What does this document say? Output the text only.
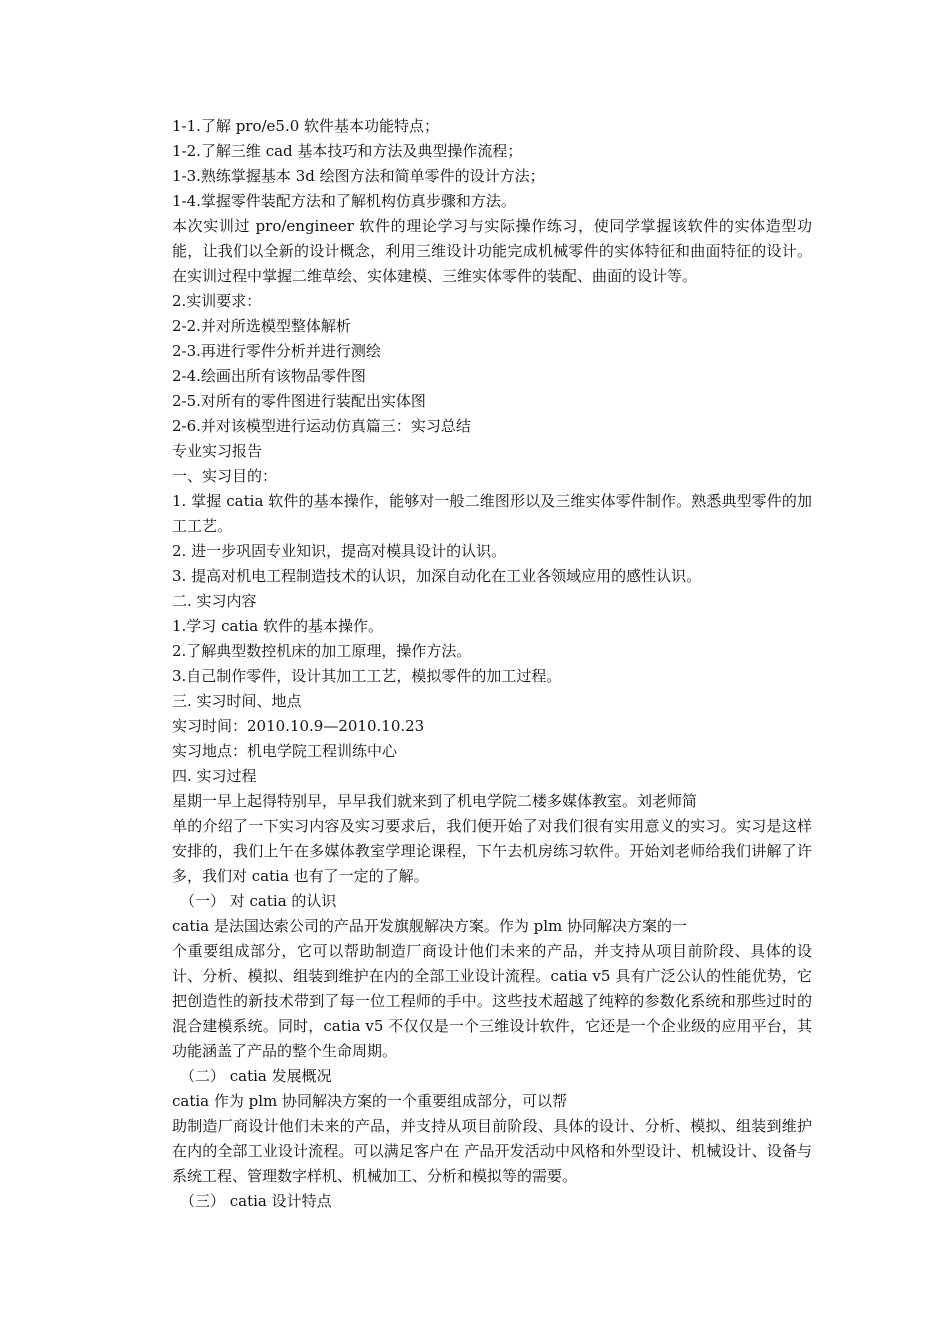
1-1.了解 pro/e5.0 软件基本功能特点；

1-2.了解三维 cad 基本技巧和方法及典型操作流程；

1-3.熟练掌握基本 3d 绘图方法和简单零件的设计方法；

1-4.掌握零件装配方法和了解机构仿真步骤和方法。

本次实训过 pro/engineer 软件的理论学习与实际操作练习，使同学掌握该软件的实体造型功能，让我们以全新的设计概念，利用三维设计功能完成机械零件的实体特征和曲面特征的设计。在实训过程中掌握二维草绘、实体建模、三维实体零件的装配、曲面的设计等。

2.实训要求：

2-2.并对所选模型整体解析

2-3.再进行零件分析并进行测绘

2-4.绘画出所有该物品零件图

2-5.对所有的零件图进行装配出实体图

2-6.并对该模型进行运动仿真篇三：实习总结

专业实习报告

一、实习目的：

1. 掌握 catia 软件的基本操作，能够对一般二维图形以及三维实体零件制作。熟悉典型零件的加工工艺。

2. 进一步巩固专业知识，提高对模具设计的认识。

3. 提高对机电工程制造技术的认识，加深自动化在工业各领域应用的感性认识。

二. 实习内容

1.学习 catia 软件的基本操作。

2.了解典型数控机床的加工原理，操作方法。

3.自己制作零件，设计其加工工艺，模拟零件的加工过程。

三. 实习时间、地点

实习时间：2010.10.9—2010.10.23

实习地点：机电学院工程训练中心

四. 实习过程

星期一早上起得特别早，早早我们就来到了机电学院二楼多媒体教室。刘老师简

单的介绍了一下实习内容及实习要求后，我们便开始了对我们很有实用意义的实习。实习是这样安排的，我们上午在多媒体教室学理论课程，下午去机房练习软件。开始刘老师给我们讲解了许多，我们对 catia 也有了一定的了解。

（一） 对 catia 的认识

catia 是法国达索公司的产品开发旗舰解决方案。作为 plm 协同解决方案的一

个重要组成部分，它可以帮助制造厂商设计他们未来的产品，并支持从项目前阶段、具体的设计、分析、模拟、组装到维护在内的全部工业设计流程。catia v5 具有广泛公认的性能优势，它把创造性的新技术带到了每一位工程师的手中。这些技术超越了纯粹的参数化系统和那些过时的混合建模系统。同时，catia v5 不仅仅是一个三维设计软件，它还是一个企业级的应用平台，其功能涵盖了产品的整个生命周期。

（二） catia 发展概况

catia 作为 plm 协同解决方案的一个重要组成部分，可以帮

助制造厂商设计他们未来的产品，并支持从项目前阶段、具体的设计、分析、模拟、组装到维护在内的全部工业设计流程。可以满足客户在 产品开发活动中风格和外型设计、机械设计、设备与系统工程、管理数字样机、机械加工、分析和模拟等的需要。

（三） catia 设计特点
